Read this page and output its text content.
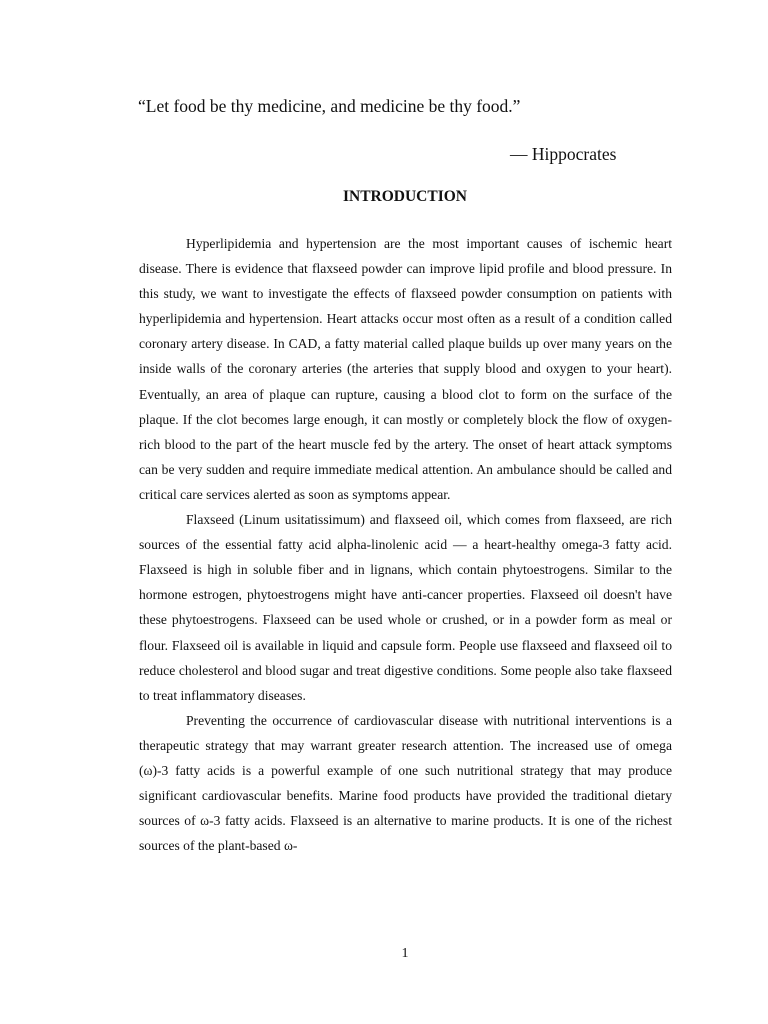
“Let food be thy medicine, and medicine be thy food.”

— Hippocrates

INTRODUCTION

Hyperlipidemia and hypertension are the most important causes of ischemic heart disease. There is evidence that flaxseed powder can improve lipid profile and blood pressure. In this study, we want to investigate the effects of flaxseed powder consumption on patients with hyperlipidemia and hypertension. Heart attacks occur most often as a result of a condition called coronary artery disease. In CAD, a fatty material called plaque builds up over many years on the inside walls of the coronary arteries (the arteries that supply blood and oxygen to your heart). Eventually, an area of plaque can rupture, causing a blood clot to form on the surface of the plaque. If the clot becomes large enough, it can mostly or completely block the flow of oxygen-rich blood to the part of the heart muscle fed by the artery. The onset of heart attack symptoms can be very sudden and require immediate medical attention. An ambulance should be called and critical care services alerted as soon as symptoms appear.

Flaxseed (Linum usitatissimum) and flaxseed oil, which comes from flaxseed, are rich sources of the essential fatty acid alpha-linolenic acid — a heart-healthy omega-3 fatty acid. Flaxseed is high in soluble fiber and in lignans, which contain phytoestrogens. Similar to the hormone estrogen, phytoestrogens might have anti-cancer properties. Flaxseed oil doesn't have these phytoestrogens. Flaxseed can be used whole or crushed, or in a powder form as meal or flour. Flaxseed oil is available in liquid and capsule form. People use flaxseed and flaxseed oil to reduce cholesterol and blood sugar and treat digestive conditions. Some people also take flaxseed to treat inflammatory diseases.

Preventing the occurrence of cardiovascular disease with nutritional interventions is a therapeutic strategy that may warrant greater research attention. The increased use of omega (ω)-3 fatty acids is a powerful example of one such nutritional strategy that may produce significant cardiovascular benefits. Marine food products have provided the traditional dietary sources of ω-3 fatty acids. Flaxseed is an alternative to marine products. It is one of the richest sources of the plant-based ω-

1
